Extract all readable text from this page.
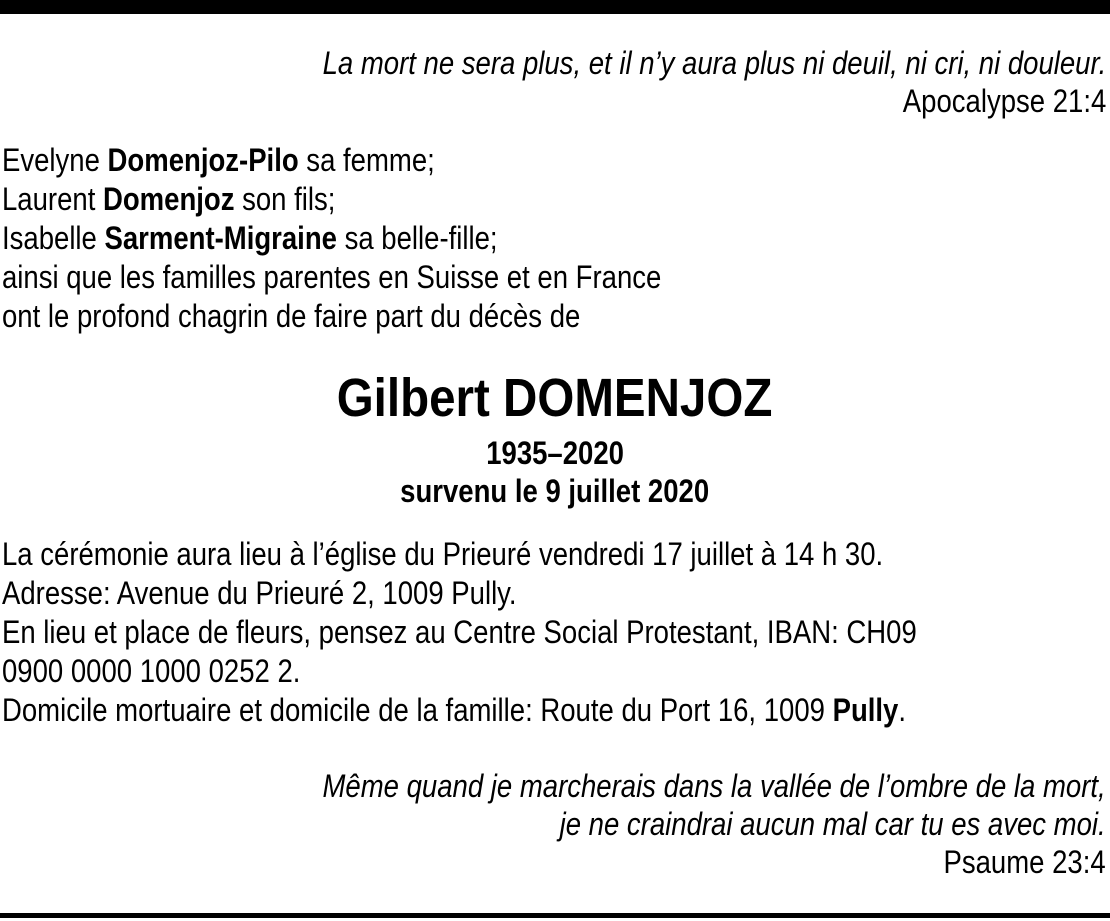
La mort ne sera plus, et il n’y aura plus ni deuil, ni cri, ni douleur.
Apocalypse 21:4
Evelyne Domenjoz-Pilo sa femme;
Laurent Domenjoz son fils;
Isabelle Sarment-Migraine sa belle-fille;
ainsi que les familles parentes en Suisse et en France
ont le profond chagrin de faire part du décès de
Gilbert DOMENJOZ
1935–2020
survenu le 9 juillet 2020
La cérémonie aura lieu à l’église du Prieuré vendredi 17 juillet à 14 h 30.
Adresse: Avenue du Prieuré 2, 1009 Pully.
En lieu et place de fleurs, pensez au Centre Social Protestant, IBAN: CH09
0900 0000 1000 0252 2.
Domicile mortuaire et domicile de la famille: Route du Port 16, 1009 Pully.
Même quand je marcherais dans la vallée de l’ombre de la mort,
je ne craindrai aucun mal car tu es avec moi.
Psaume 23:4
